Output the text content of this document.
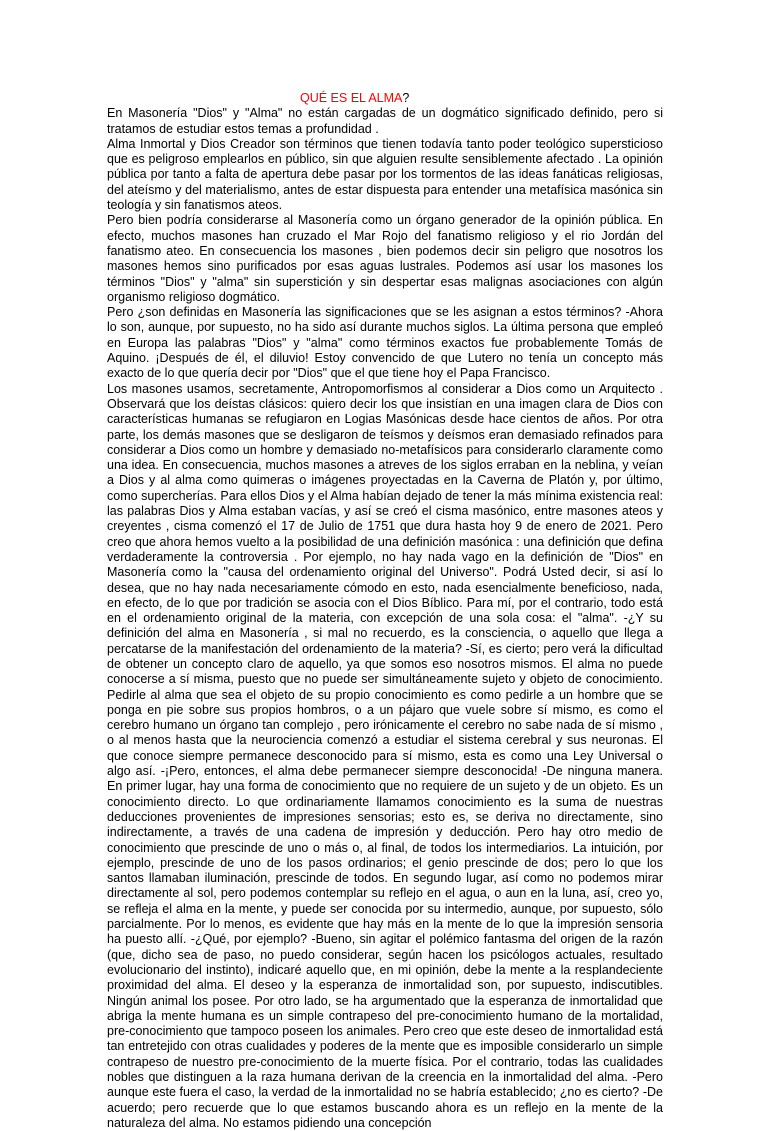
QUÉ ES EL ALMA?

En Masonería "Dios" y "Alma" no están cargadas de un dogmático significado definido, pero si tratamos de estudiar estos temas a profundidad .

Alma Inmortal y Dios Creador son términos que tienen todavía tanto poder teológico supersticioso que es peligroso emplearlos en público, sin que alguien resulte sensiblemente afectado . La opinión pública por tanto a falta de apertura debe pasar por los tormentos de las ideas fanáticas religiosas, del ateísmo y del materialismo, antes de estar dispuesta para entender una metafísica masónica sin teología y sin fanatismos ateos.

Pero bien podría considerarse al Masonería como un órgano generador de la opinión pública. En efecto, muchos masones han cruzado el Mar Rojo del fanatismo religioso y el rio Jordán del fanatismo ateo. En consecuencia los masones , bien podemos decir sin peligro que nosotros los masones hemos sino purificados por esas aguas lustrales. Podemos así usar los masones los términos "Dios" y "alma" sin superstición y sin despertar esas malignas asociaciones con algún organismo religioso dogmático.

Pero ¿son definidas en Masonería las significaciones que se les asignan a estos términos? -Ahora lo son, aunque, por supuesto, no ha sido así durante muchos siglos. La última persona que empleó en Europa las palabras "Dios" y "alma" como términos exactos fue probablemente Tomás de Aquino. ¡Después de él, el diluvio! Estoy convencido de que Lutero no tenía un concepto más exacto de lo que quería decir por "Dios" que el que tiene hoy el Papa Francisco.

Los masones usamos, secretamente, Antropomorfismos al considerar a Dios como un Arquitecto . Observará que los deístas clásicos: quiero decir los que insistían en una imagen clara de Dios con características humanas se refugiaron en Logias Masónicas desde hace cientos de años. Por otra parte, los demás masones que se desligaron de teísmos y deísmos eran demasiado refinados para considerar a Dios como un hombre y demasiado no-metafísicos para considerarlo claramente como una idea. En consecuencia, muchos masones a atreves de los siglos erraban en la neblina, y veían a Dios y al alma como quimeras o imágenes proyectadas en la Caverna de Platón y, por último, como supercherías. Para ellos Dios y el Alma habían dejado de tener la más mínima existencia real: las palabras Dios y Alma estaban vacías, y así se creó el cisma masónico, entre masones ateos y creyentes , cisma comenzó el 17 de Julio de 1751 que dura hasta hoy 9 de enero de 2021. Pero creo que ahora hemos vuelto a la posibilidad de una definición masónica : una definición que defina verdaderamente la controversia . Por ejemplo, no hay nada vago en la definición de "Dios" en Masonería como la "causa del ordenamiento original del Universo". Podrá Usted decir, si así lo desea, que no hay nada necesariamente cómodo en esto, nada esencialmente beneficioso, nada, en efecto, de lo que por tradición se asocia con el Dios Bíblico. Para mí, por el contrario, todo está en el ordenamiento original de la materia, con excepción de una sola cosa: el "alma". -¿Y su definición del alma en Masonería , si mal no recuerdo, es la consciencia, o aquello que llega a percatarse de la manifestación del ordenamiento de la materia? -Sí, es cierto; pero verá la dificultad de obtener un concepto claro de aquello, ya que somos eso nosotros mismos. El alma no puede conocerse a sí misma, puesto que no puede ser simultáneamente sujeto y objeto de conocimiento. Pedirle al alma que sea el objeto de su propio conocimiento es como pedirle a un hombre que se ponga en pie sobre sus propios hombros, o a un pájaro que vuele sobre sí mismo, es como el cerebro humano un órgano tan complejo , pero irónicamente el cerebro no sabe nada de sí mismo , o al menos hasta que la neurociencia comenzó a estudiar el sistema cerebral y sus neuronas. El que conoce siempre permanece desconocido para sí mismo, esta es como una Ley Universal o algo así. -¡Pero, entonces, el alma debe permanecer siempre desconocida! -De ninguna manera. En primer lugar, hay una forma de conocimiento que no requiere de un sujeto y de un objeto. Es un conocimiento directo. Lo que ordinariamente llamamos conocimiento es la suma de nuestras deducciones provenientes de impresiones sensorias; esto es, se deriva no directamente, sino indirectamente, a través de una cadena de impresión y deducción. Pero hay otro medio de conocimiento que prescinde de uno o más o, al final, de todos los intermediarios. La intuición, por ejemplo, prescinde de uno de los pasos ordinarios; el genio prescinde de dos; pero lo que los santos llamaban iluminación, prescinde de todos. En segundo lugar, así como no podemos mirar directamente al sol, pero podemos contemplar su reflejo en el agua, o aun en la luna, así, creo yo, se refleja el alma en la mente, y puede ser conocida por su intermedio, aunque, por supuesto, sólo parcialmente. Por lo menos, es evidente que hay más en la mente de lo que la impresión sensoria ha puesto allí. -¿Qué, por ejemplo? -Bueno, sin agitar el polémico fantasma del origen de la razón (que, dicho sea de paso, no puedo considerar, según hacen los psicólogos actuales, resultado evolucionario del instinto), indicaré aquello que, en mi opinión, debe la mente a la resplandeciente proximidad del alma. El deseo y la esperanza de inmortalidad son, por supuesto, indiscutibles. Ningún animal los posee. Por otro lado, se ha argumentado que la esperanza de inmortalidad que abriga la mente humana es un simple contrapeso del pre-conocimiento humano de la mortalidad, pre-conocimiento que tampoco poseen los animales. Pero creo que este deseo de inmortalidad está tan entretejido con otras cualidades y poderes de la mente que es imposible considerarlo un simple contrapeso de nuestro pre-conocimiento de la muerte física. Por el contrario, todas las cualidades nobles que distinguen a la raza humana derivan de la creencia en la inmortalidad del alma. -Pero aunque este fuera el caso, la verdad de la inmortalidad no se habría establecido; ¿no es cierto? -De acuerdo; pero recuerde que lo que estamos buscando ahora es un reflejo en la mente de la naturaleza del alma. No estamos pidiendo una concepción
